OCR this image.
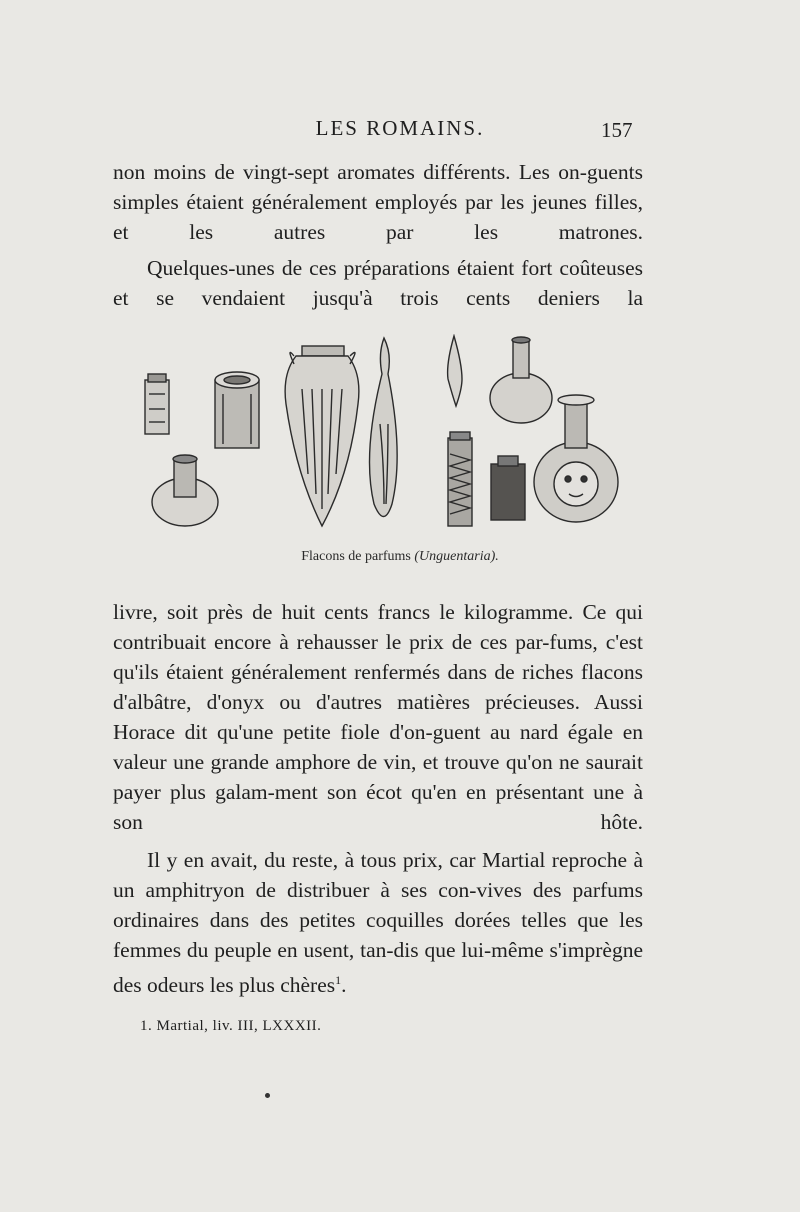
LES ROMAINS.	157

non moins de vingt-sept aromates différents. Les on-guents simples étaient généralement employés par les jeunes filles, et les autres par les matrones.

Quelques-unes de ces préparations étaient fort coûteuses et se vendaient jusqu'à trois cents deniers la

Flacons de parfums (Unguentaria).

livre, soit près de huit cents francs le kilogramme. Ce qui contribuait encore à rehausser le prix de ces par-fums, c'est qu'ils étaient généralement renfermés dans de riches flacons d'albâtre, d'onyx ou d'autres matières précieuses. Aussi Horace dit qu'une petite fiole d'on-guent au nard égale en valeur une grande amphore de vin, et trouve qu'on ne saurait payer plus galam-ment son écot qu'en en présentant une à son hôte.

Il y en avait, du reste, à tous prix, car Martial reproche à un amphitryon de distribuer à ses con-vives des parfums ordinaires dans des petites coquilles dorées telles que les femmes du peuple en usent, tan-dis que lui-même s'imprègne des odeurs les plus chères$^1$.

1. Martial, liv. III, LXXXII.
